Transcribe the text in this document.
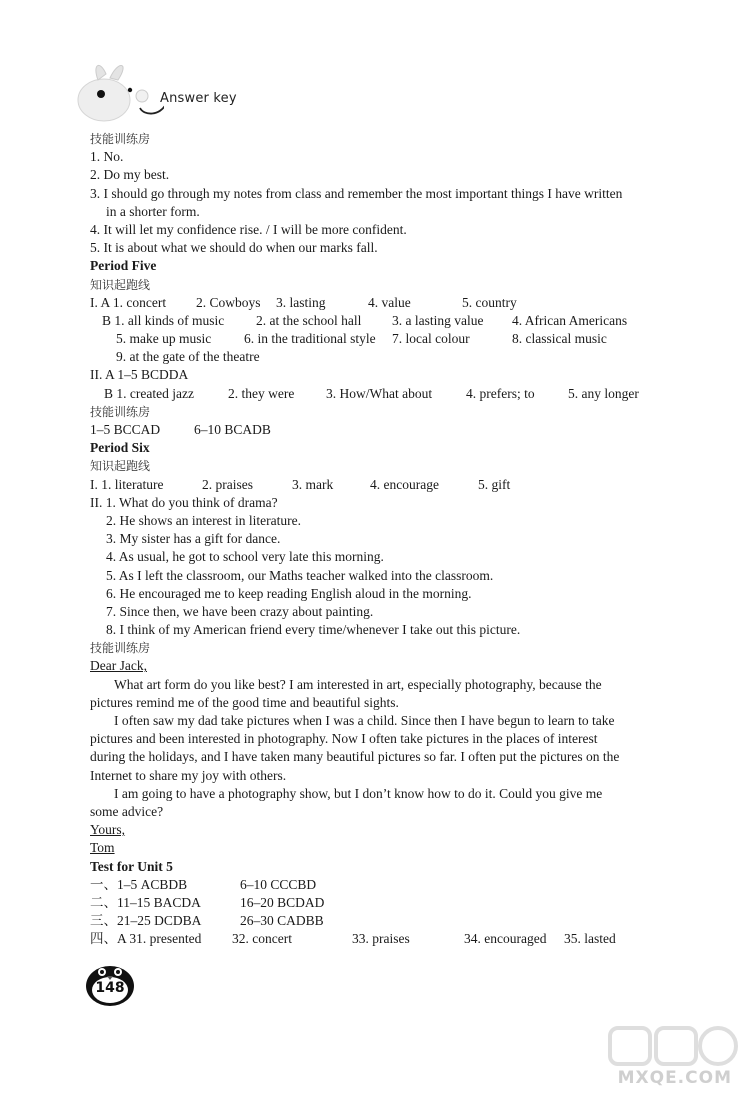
Answer key
技能训练房
1. No.
2. Do my best.
3. I should go through my notes from class and remember the most important things I have written
in a shorter form.
4. It will let my confidence rise. / I will be more confident.
5. It is about what we should do when our marks fall.
Period Five
知识起跑线
I. A 1. concert 2. Cowboys 3. lasting	4. value	5. country
B 1. all kinds of music 2. at the school hall 3. a lasting value 4. African Americans
5. make up music 6. in the traditional style 7. local colour	8. classical music
9. at the gate of the theatre
II. A 1–5 BCDDA
B 1. created jazz	2. they were 3. How/What about	4. prefers; to 5. any longer
技能训练房
1–5 BCCAD	6–10 BCADB
Period Six
知识起跑线
I. 1. literature	2. praises	3. mark	4. encourage	5. gift
II. 1. What do you think of drama?
2. He shows an interest in literature.
3. My sister has a gift for dance.
4. As usual, he got to school very late this morning.
5. As I left the classroom, our Maths teacher walked into the classroom.
6. He encouraged me to keep reading English aloud in the morning.
7. Since then, we have been crazy about painting.
8. I think of my American friend every time/whenever I take out this picture.
技能训练房
Dear Jack,
What art form do you like best? I am interested in art, especially photography, because the
pictures remind me of the good time and beautiful sights.
I often saw my dad take pictures when I was a child. Since then I have begun to learn to take
pictures and been interested in photography. Now I often take pictures in the places of interest
during the holidays, and I have taken many beautiful pictures so far. I often put the pictures on the
Internet to share my joy with others.
I am going to have a photography show, but I don’t know how to do it. Could you give me
some advice?
Yours,
Tom
Test for Unit 5
一、1–5 ACBDB	6–10 CCCBD
二、11–15 BACDA	16–20 BCDAD
三、21–25 DCDBA	26–30 CADBB
四、A 31. presented 32. concert	33. praises	34. encouraged 35. lasted
148
MXQE.COM
